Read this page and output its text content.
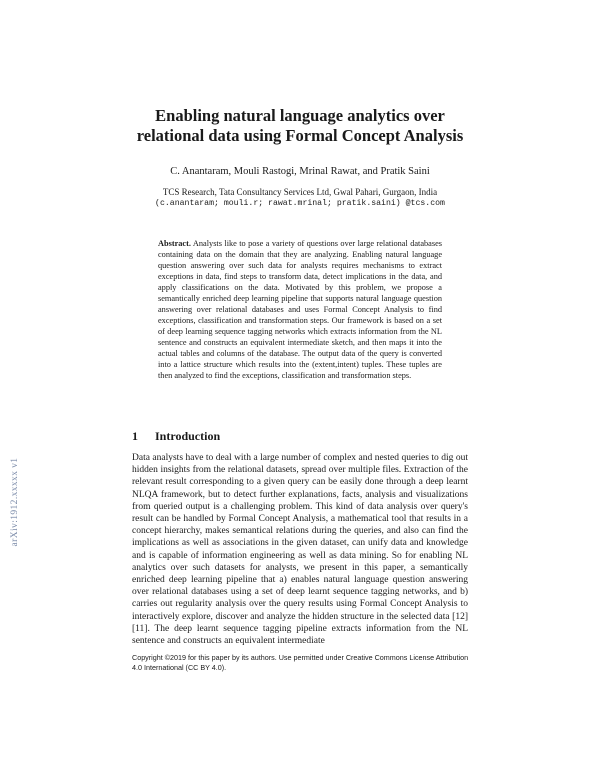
arXiv:1912.xxxxx v1
Enabling natural language analytics over
relational data using Formal Concept Analysis
C. Anantaram, Mouli Rastogi, Mrinal Rawat, and Pratik Saini
TCS Research, Tata Consultancy Services Ltd, Gwal Pahari, Gurgaon, India
(c.anantaram; mouli.r; rawat.mrinal; pratik.saini) @tcs.com
Abstract. Analysts like to pose a variety of questions over large relational databases containing data on the domain that they are analyzing. Enabling natural language question answering over such data for analysts requires mechanisms to extract exceptions in data, find steps to transform data, detect implications in the data, and apply classifications on the data. Motivated by this problem, we propose a semantically enriched deep learning pipeline that supports natural language question answering over relational databases and uses Formal Concept Analysis to find exceptions, classification and transformation steps. Our framework is based on a set of deep learning sequence tagging networks which extracts information from the NL sentence and constructs an equivalent intermediate sketch, and then maps it into the actual tables and columns of the database. The output data of the query is converted into a lattice structure which results into the (extent,intent) tuples. These tuples are then analyzed to find the exceptions, classification and transformation steps.
1 Introduction
Data analysts have to deal with a large number of complex and nested queries to dig out hidden insights from the relational datasets, spread over multiple files. Extraction of the relevant result corresponding to a given query can be easily done through a deep learnt NLQA framework, but to detect further explanations, facts, analysis and visualizations from queried output is a challenging problem. This kind of data analysis over query's result can be handled by Formal Concept Analysis, a mathematical tool that results in a concept hierarchy, makes semantical relations during the queries, and also can find the implications as well as associations in the given dataset, can unify data and knowledge and is capable of information engineering as well as data mining. So for enabling NL analytics over such datasets for analysts, we present in this paper, a semantically enriched deep learning pipeline that a) enables natural language question answering over relational databases using a set of deep learnt sequence tagging networks, and b) carries out regularity analysis over the query results using Formal Concept Analysis to interactively explore, discover and analyze the hidden structure in the selected data [12] [11]. The deep learnt sequence tagging pipeline extracts information from the NL sentence and constructs an equivalent intermediate
Copyright ©2019 for this paper by its authors. Use permitted under Creative Commons License Attribution 4.0 International (CC BY 4.0).
